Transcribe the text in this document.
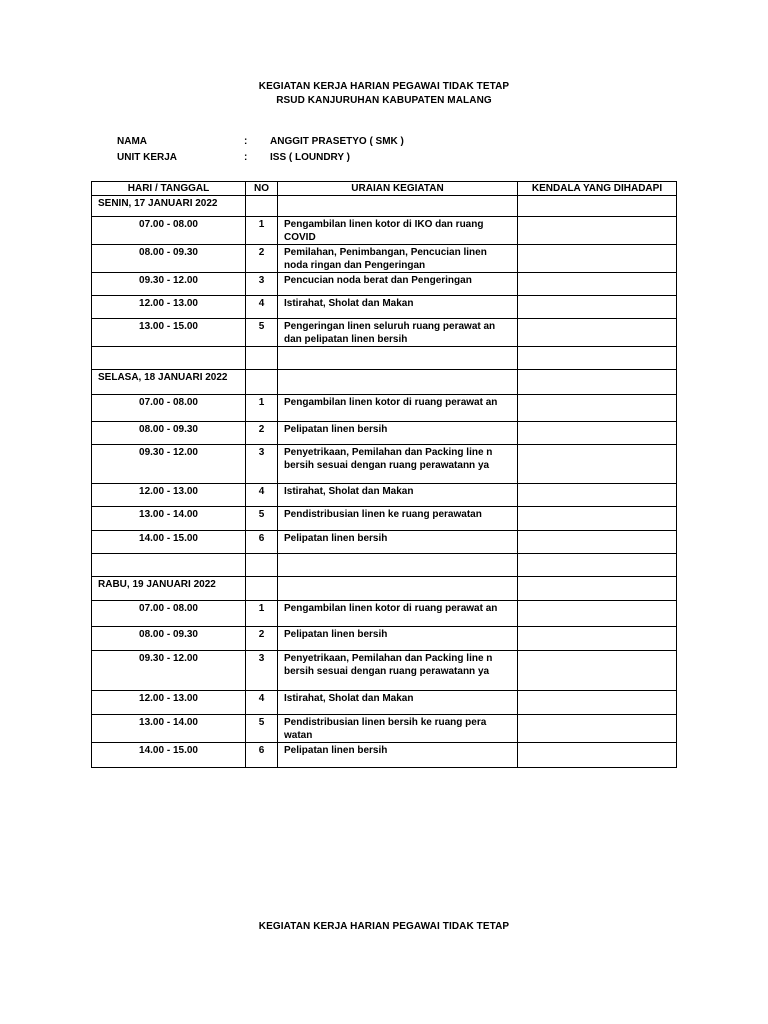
KEGIATAN KERJA HARIAN PEGAWAI TIDAK TETAP
RSUD KANJURUHAN KABUPATEN MALANG
NAMA	: ANGGIT PRASETYO ( SMK )
UNIT KERJA	: ISS ( LOUNDRY )
HARI / TANGGAL	NO	URAIAN KEGIATAN	KENDALA YANG DIHADAPI
SENIN, 17 JANUARI 2022			
07.00 - 08.00	1	Pengambilan linen kotor di IKO dan ruang COVID	
08.00 - 09.30	2	Pemilahan, Penimbangan, Pencucian linen noda ringan dan Pengeringan	
09.30 - 12.00	3	Pencucian noda berat dan Pengeringan	
12.00 - 13.00	4	Istirahat, Sholat dan Makan	
13.00 - 15.00	5	Pengeringan linen seluruh ruang perawat an dan pelipatan linen bersih	

SELASA, 18 JANUARI 2022			
07.00 - 08.00	1	Pengambilan linen kotor di ruang perawat an	
08.00 - 09.30	2	Pelipatan linen bersih	
09.30 - 12.00	3	Penyetrikaan, Pemilahan dan Packing line n bersih sesuai dengan ruang perawatann ya	
12.00 - 13.00	4	Istirahat, Sholat dan Makan	
13.00 - 14.00	5	Pendistribusian linen ke ruang perawatan	
14.00 - 15.00	6	Pelipatan linen bersih	

RABU, 19 JANUARI 2022			
07.00 - 08.00	1	Pengambilan linen kotor di ruang perawat an	
08.00 - 09.30	2	Pelipatan linen bersih	
09.30 - 12.00	3	Penyetrikaan, Pemilahan dan Packing line n bersih sesuai dengan ruang perawatann ya	
12.00 - 13.00	4	Istirahat, Sholat dan Makan	
13.00 - 14.00	5	Pendistribusian linen bersih ke ruang pera watan	
14.00 - 15.00	6	Pelipatan linen bersih	
KEGIATAN KERJA HARIAN PEGAWAI TIDAK TETAP
